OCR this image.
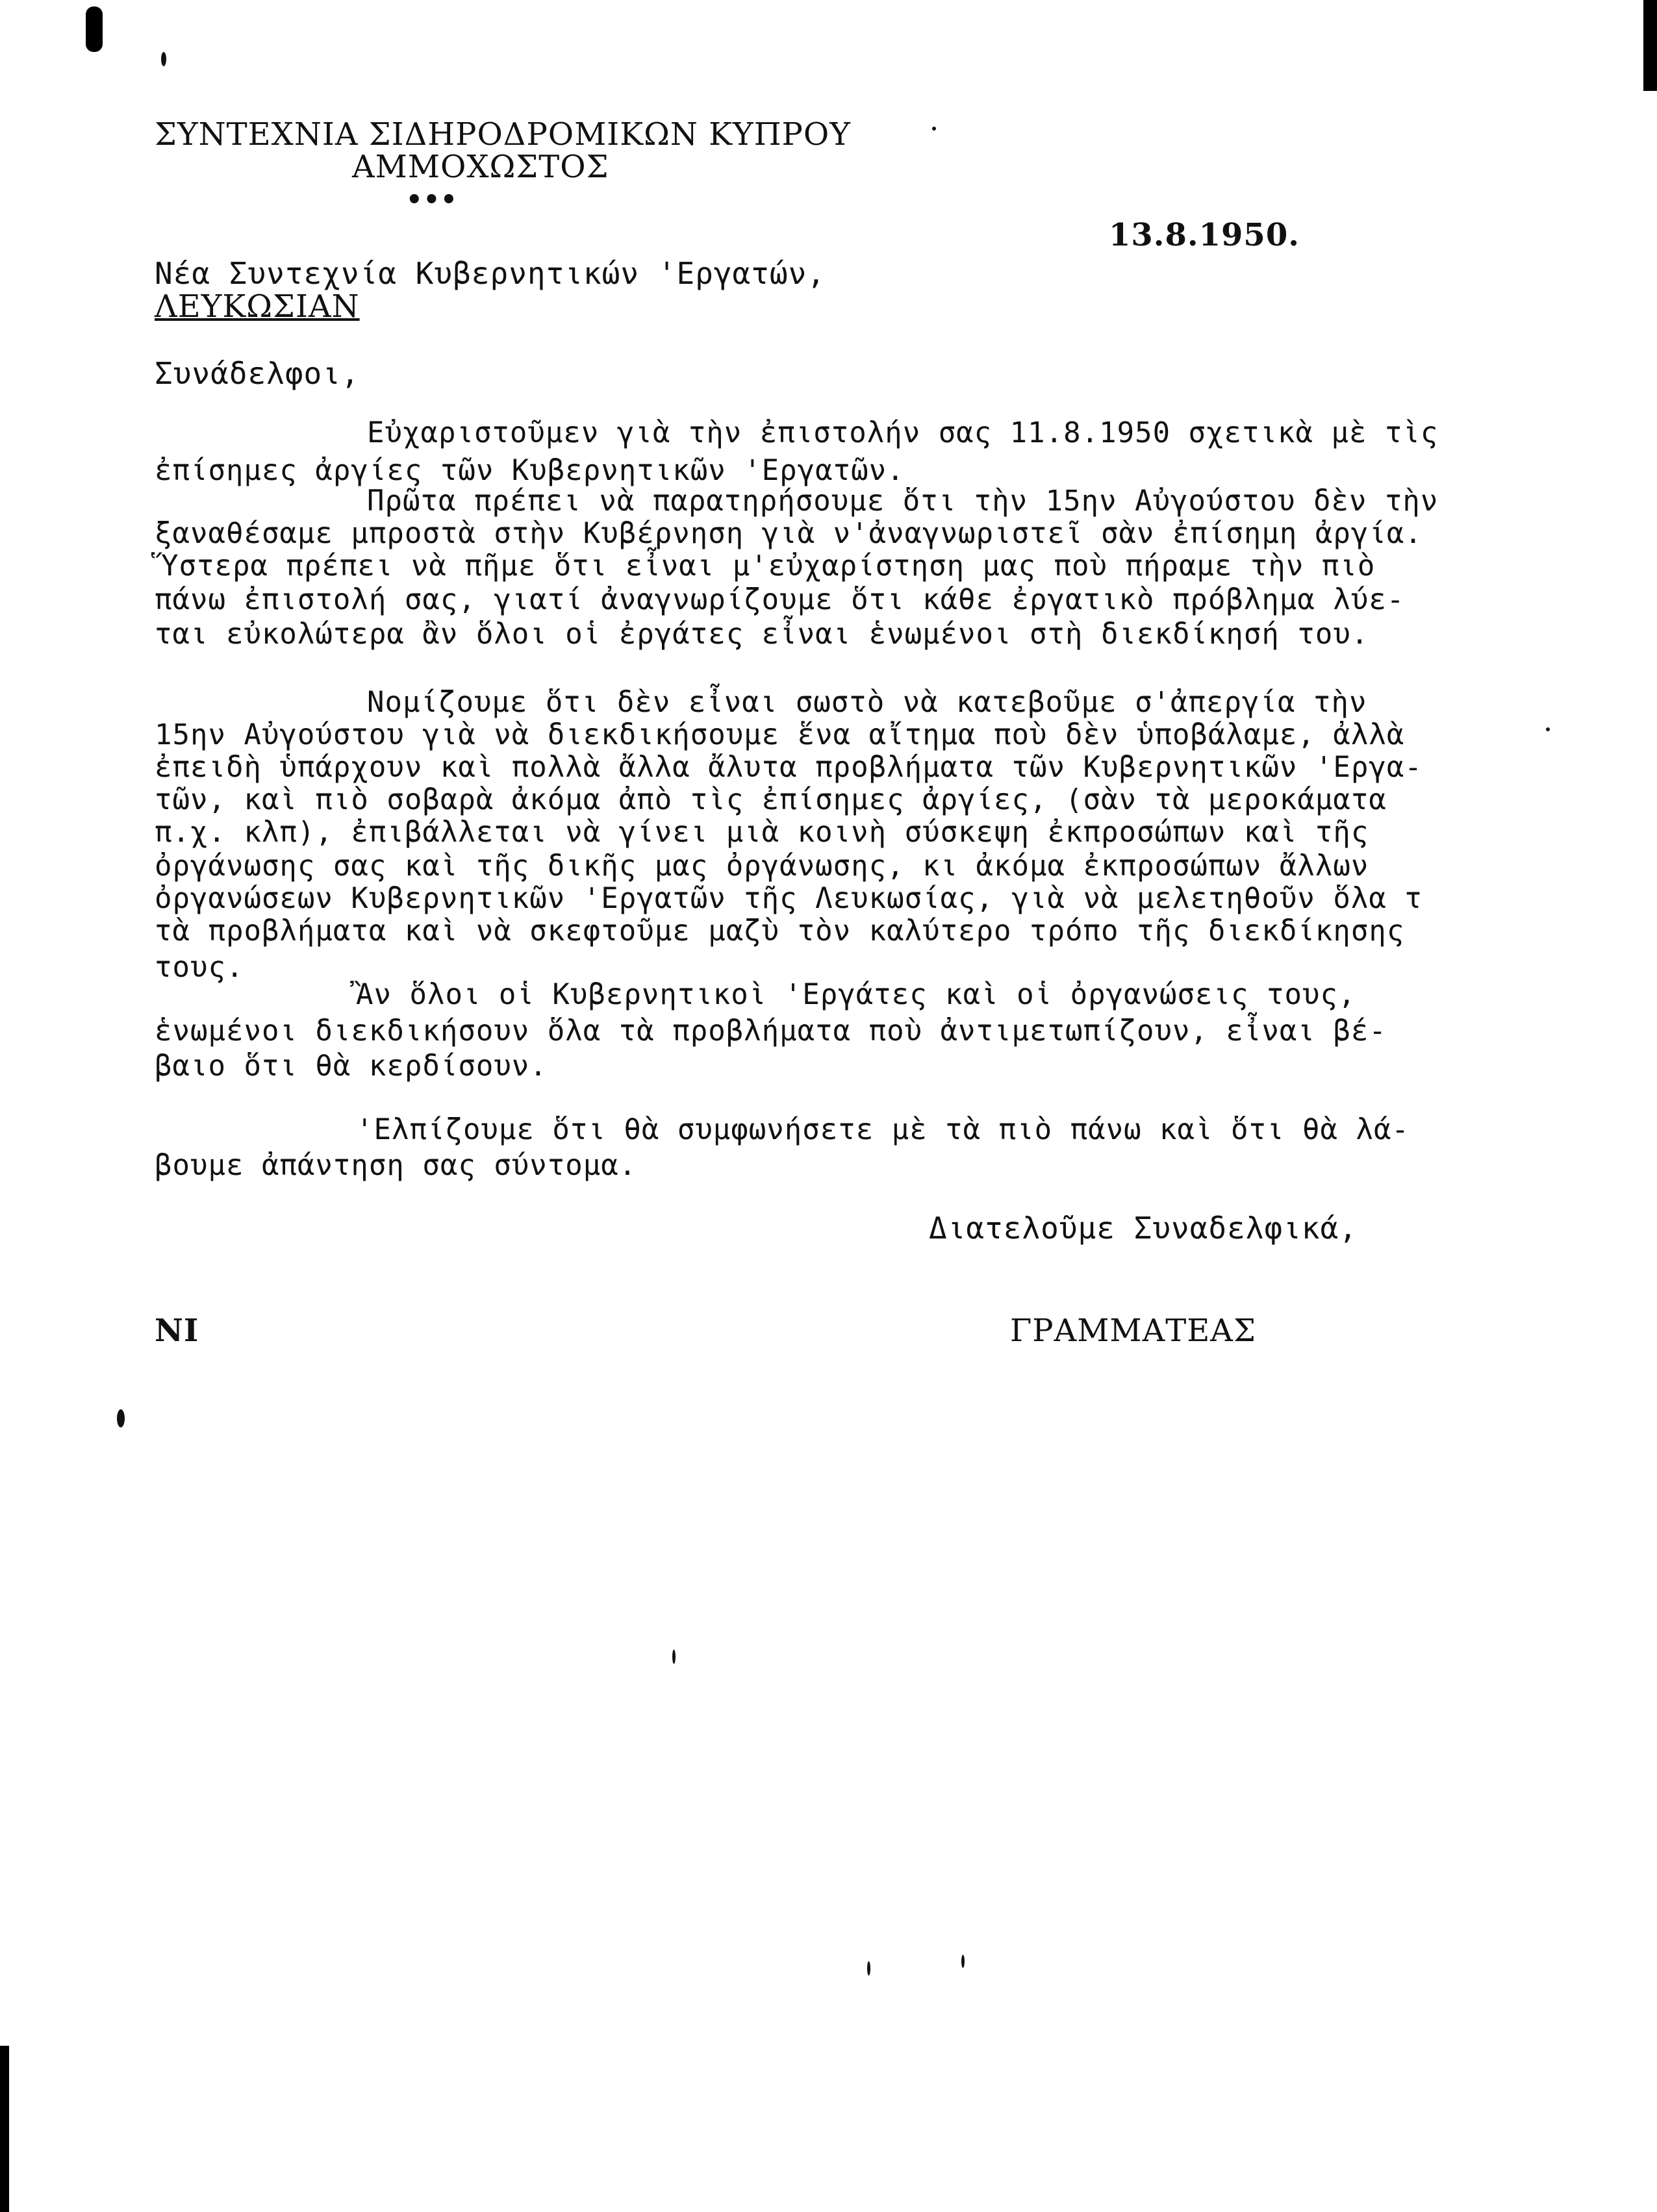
ΣΥΝΤΕΧΝΙΑ ΣΙΔΗΡΟΔΡΟΜΙΚΩΝ ΚΥΠΡΟΥ
ΑΜΜΟΧΩΣΤΟΣ
•••
13.8.1950.
Νέα Συντεχνία Κυβερνητικών 'Εργατών,
ΛΕΥΚΩΣΙΑΝ
Συνάδελφοι,
Εὐχαριστοῦμεν γιὰ τὴν ἐπιστολήν σας 11.8.1950 σχετικὰ μὲ τὶς
ἐπίσημες ἀργίες τῶν Κυβερνητικῶν 'Εργατῶν.
Πρῶτα πρέπει νὰ παρατηρήσουμε ὅτι τὴν 15ην Αὐγούστου δὲν τὴν
ξαναθέσαμε μπροστὰ στὴν Κυβέρνηση γιὰ ν'ἀναγνωριστεῖ σὰν ἐπίσημη ἀργία.
Ὕστερα πρέπει νὰ πῆμε ὅτι εἶναι μ'εὐχαρίστηση μας ποὺ πήραμε τὴν πιὸ
πάνω ἐπιστολή σας, γιατί ἀναγνωρίζουμε ὅτι κάθε ἐργατικὸ πρόβλημα λύε-
ται εὐκολώτερα ἂν ὅλοι οἱ ἐργάτες εἶναι ἑνωμένοι στὴ διεκδίκησή του.
Νομίζουμε ὅτι δὲν εἶναι σωστὸ νὰ κατεβοῦμε σ'ἀπεργία τὴν
15ην Αὐγούστου γιὰ νὰ διεκδικήσουμε ἕνα αἴτημα ποὺ δὲν ὑποβάλαμε, ἀλλὰ
ἐπειδὴ ὑπάρχουν καὶ πολλὰ ἄλλα ἄλυτα προβλήματα τῶν Κυβερνητικῶν 'Εργα-
τῶν, καὶ πιὸ σοβαρὰ ἀκόμα ἀπὸ τὶς ἐπίσημες ἀργίες, (σὰν τὰ μεροκάματα
π.χ. κλπ), ἐπιβάλλεται νὰ γίνει μιὰ κοινὴ σύσκεψη ἐκπροσώπων καὶ τῆς
ὀργάνωσης σας καὶ τῆς δικῆς μας ὀργάνωσης, κι ἀκόμα ἐκπροσώπων ἄλλων
ὀργανώσεων Κυβερνητικῶν 'Εργατῶν τῆς Λευκωσίας, γιὰ νὰ μελετηθοῦν ὅλα τ
τὰ προβλήματα καὶ νὰ σκεφτοῦμε μαζὺ τὸν καλύτερο τρόπο τῆς διεκδίκησης
τους.
Ἂν ὅλοι οἱ Κυβερνητικοὶ 'Εργάτες καὶ οἱ ὀργανώσεις τους,
ἑνωμένοι διεκδικήσουν ὅλα τὰ προβλήματα ποὺ ἀντιμετωπίζουν, εἶναι βέ-
βαιο ὅτι θὰ κερδίσουν.
'Ελπίζουμε ὅτι θὰ συμφωνήσετε μὲ τὰ πιὸ πάνω καὶ ὅτι θὰ λά-
βουμε ἀπάντηση σας σύντομα.
Διατελοῦμε Συναδελφικά,
ΝΙ	ΓΡΑΜΜΑΤΕΑΣ
